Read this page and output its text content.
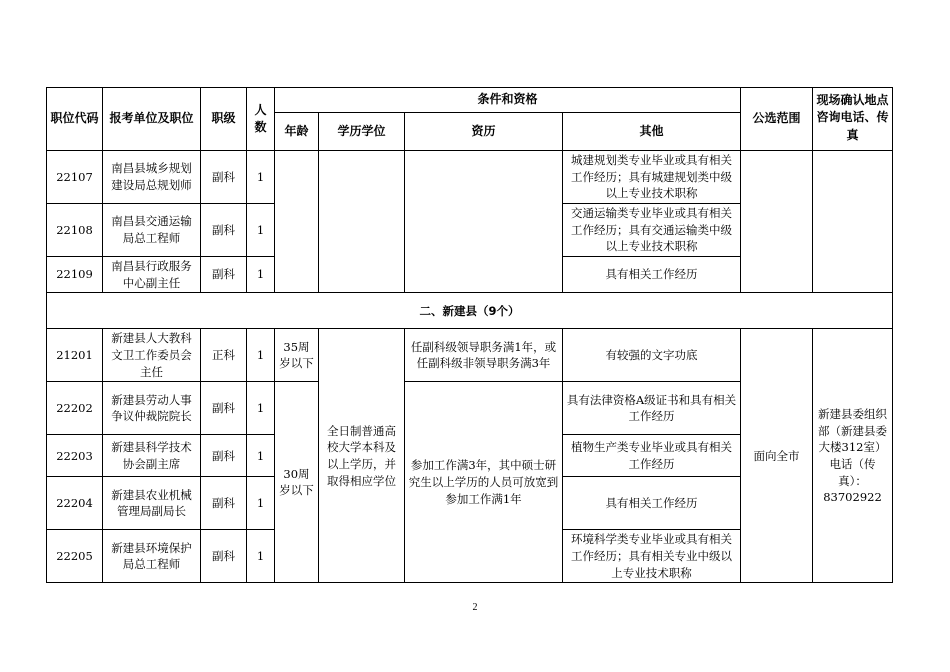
职位代码	报考单位及职位	职级	人数	条件和资格				公选范围	现场确认地点咨询电话、传真

				年龄	学历学位	资历	其他		
22107	南昌县城乡规划建设局总规划师	副科	1				城建规划类专业毕业或具有相关工作经历；具有城建规划类中级以上专业技术职称		
22108	南昌县交通运输局总工程师	副科	1				交通运输类专业毕业或具有相关工作经历；具有交通运输类中级以上专业技术职称		
22109	南昌县行政服务中心副主任	副科	1				具有相关工作经历		
二、新建县（9个）									
21201	新建县人大教科文卫工作委员会主任	正科	1	35周岁以下	全日制普通高校大学本科及以上学历，并取得相应学位	任副科级领导职务满1年，或任副科级非领导职务满3年	有较强的文字功底	面向全市	新建县委组织部（新建县委大楼312室）电话（传真）：83702922
22202	新建县劳动人事争议仲裁院院长	副科	1	30周岁以下		参加工作满3年，其中硕士研究生以上学历的人员可放宽到参加工作满1年	具有法律资格A级证书和具有相关工作经历		
22203	新建县科学技术协会副主席	副科	1				植物生产类专业毕业或具有相关工作经历		
22204	新建县农业机械管理局副局长	副科	1				具有相关工作经历		
22205	新建县环境保护局总工程师	副科	1				环境科学类专业毕业或具有相关工作经历；具有相关专业中级以上专业技术职称		
2
